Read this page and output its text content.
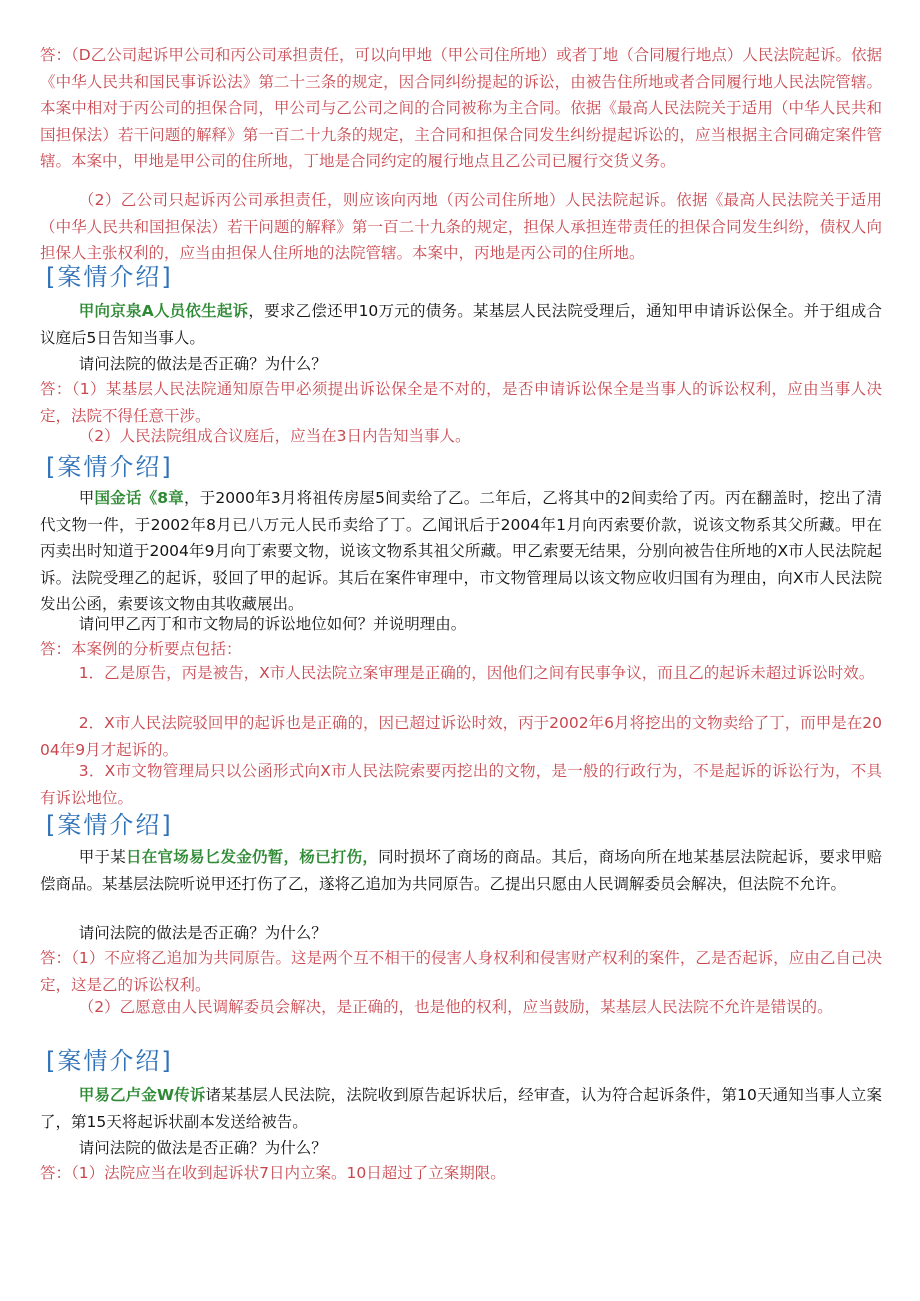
答：（D乙公司起诉甲公司和丙公司承担责任，可以向甲地（甲公司住所地）或者丁地（合同履行地点）人民法院起诉。依据《中华人民共和国民事诉讼法》第二十三条的规定，因合同纠纷提起的诉讼，由被告住所地或者合同履行地人民法院管辖。本案中相对于丙公司的担保合同，甲公司与乙公司之间的合同被称为主合同。依据《最高人民法院关于适用（中华人民共和国担保法）若干问题的解释》第一百二十九条的规定，主合同和担保合同发生纠纷提起诉讼的，应当根据主合同确定案件管辖。本案中，甲地是甲公司的住所地，丁地是合同约定的履行地点且乙公司已履行交货义务。

（2）乙公司只起诉丙公司承担责任，则应该向丙地（丙公司住所地）人民法院起诉。依据《最高人民法院关于适用（中华人民共和国担保法）若干问题的解释》第一百二十九条的规定，担保人承担连带责任的担保合同发生纠纷，债权人向担保人主张权利的，应当由担保人住所地的法院管辖。本案中，丙地是丙公司的住所地。

[案情介绍]

甲向京泉A人员依生起诉，要求乙偿还甲10万元的债务。某基层人民法院受理后，通知甲申请诉讼保全。并于组成合议庭后5日告知当事人。

请问法院的做法是否正确？为什么？

答：（1）某基层人民法院通知原告甲必须提出诉讼保全是不对的，是否申请诉讼保全是当事人的诉讼权利，应由当事人决定，法院不得任意干涉。

（2）人民法院组成合议庭后，应当在3日内告知当事人。

[案情介绍]

甲国金话《8章，于2000年3月将祖传房屋5间卖给了乙。二年后，乙将其中的2间卖给了丙。丙在翻盖时，挖出了清代文物一件，于2002年8月已八万元人民币卖给了丁。乙闻讯后于2004年1月向丙索要价款，说该文物系其父所藏。甲在丙卖出时知道于2004年9月向丁索要文物，说该文物系其祖父所藏。甲乙索要无结果，分别向被告住所地的X市人民法院起诉。法院受理乙的起诉，驳回了甲的起诉。其后在案件审理中，市文物管理局以该文物应收归国有为理由，向X市人民法院发出公函，索要该文物由其收藏展出。

请问甲乙丙丁和市文物局的诉讼地位如何？并说明理由。

答：本案例的分析要点包括：

1．乙是原告，丙是被告，X市人民法院立案审理是正确的，因他们之间有民事争议，而且乙的起诉未超过诉讼时效。

2．X市人民法院驳回甲的起诉也是正确的，因已超过诉讼时效，丙于2002年6月将挖出的文物卖给了丁，而甲是在2004年9月才起诉的。

3．X市文物管理局只以公函形式向X市人民法院索要丙挖出的文物，是一般的行政行为，不是起诉的诉讼行为，不具有诉讼地位。

[案情介绍]

甲于某日在官场易匕发金仍暂，杨已打伤，同时损坏了商场的商品。其后，商场向所在地某基层法院起诉，要求甲赔偿商品。某基层法院听说甲还打伤了乙，遂将乙追加为共同原告。乙提出只愿由人民调解委员会解决，但法院不允许。

请问法院的做法是否正确？为什么？

答：（1）不应将乙追加为共同原告。这是两个互不相干的侵害人身权利和侵害财产权利的案件，乙是否起诉，应由乙自己决定，这是乙的诉讼权利。

（2）乙愿意由人民调解委员会解决，是正确的，也是他的权利，应当鼓励，某基层人民法院不允许是错误的。

[案情介绍]

甲易乙卢金W传诉诸某基层人民法院，法院收到原告起诉状后，经审查，认为符合起诉条件，第10天通知当事人立案了，第15天将起诉状副本发送给被告。

请问法院的做法是否正确？为什么？

答：（1）法院应当在收到起诉状7日内立案。10日超过了立案期限。
